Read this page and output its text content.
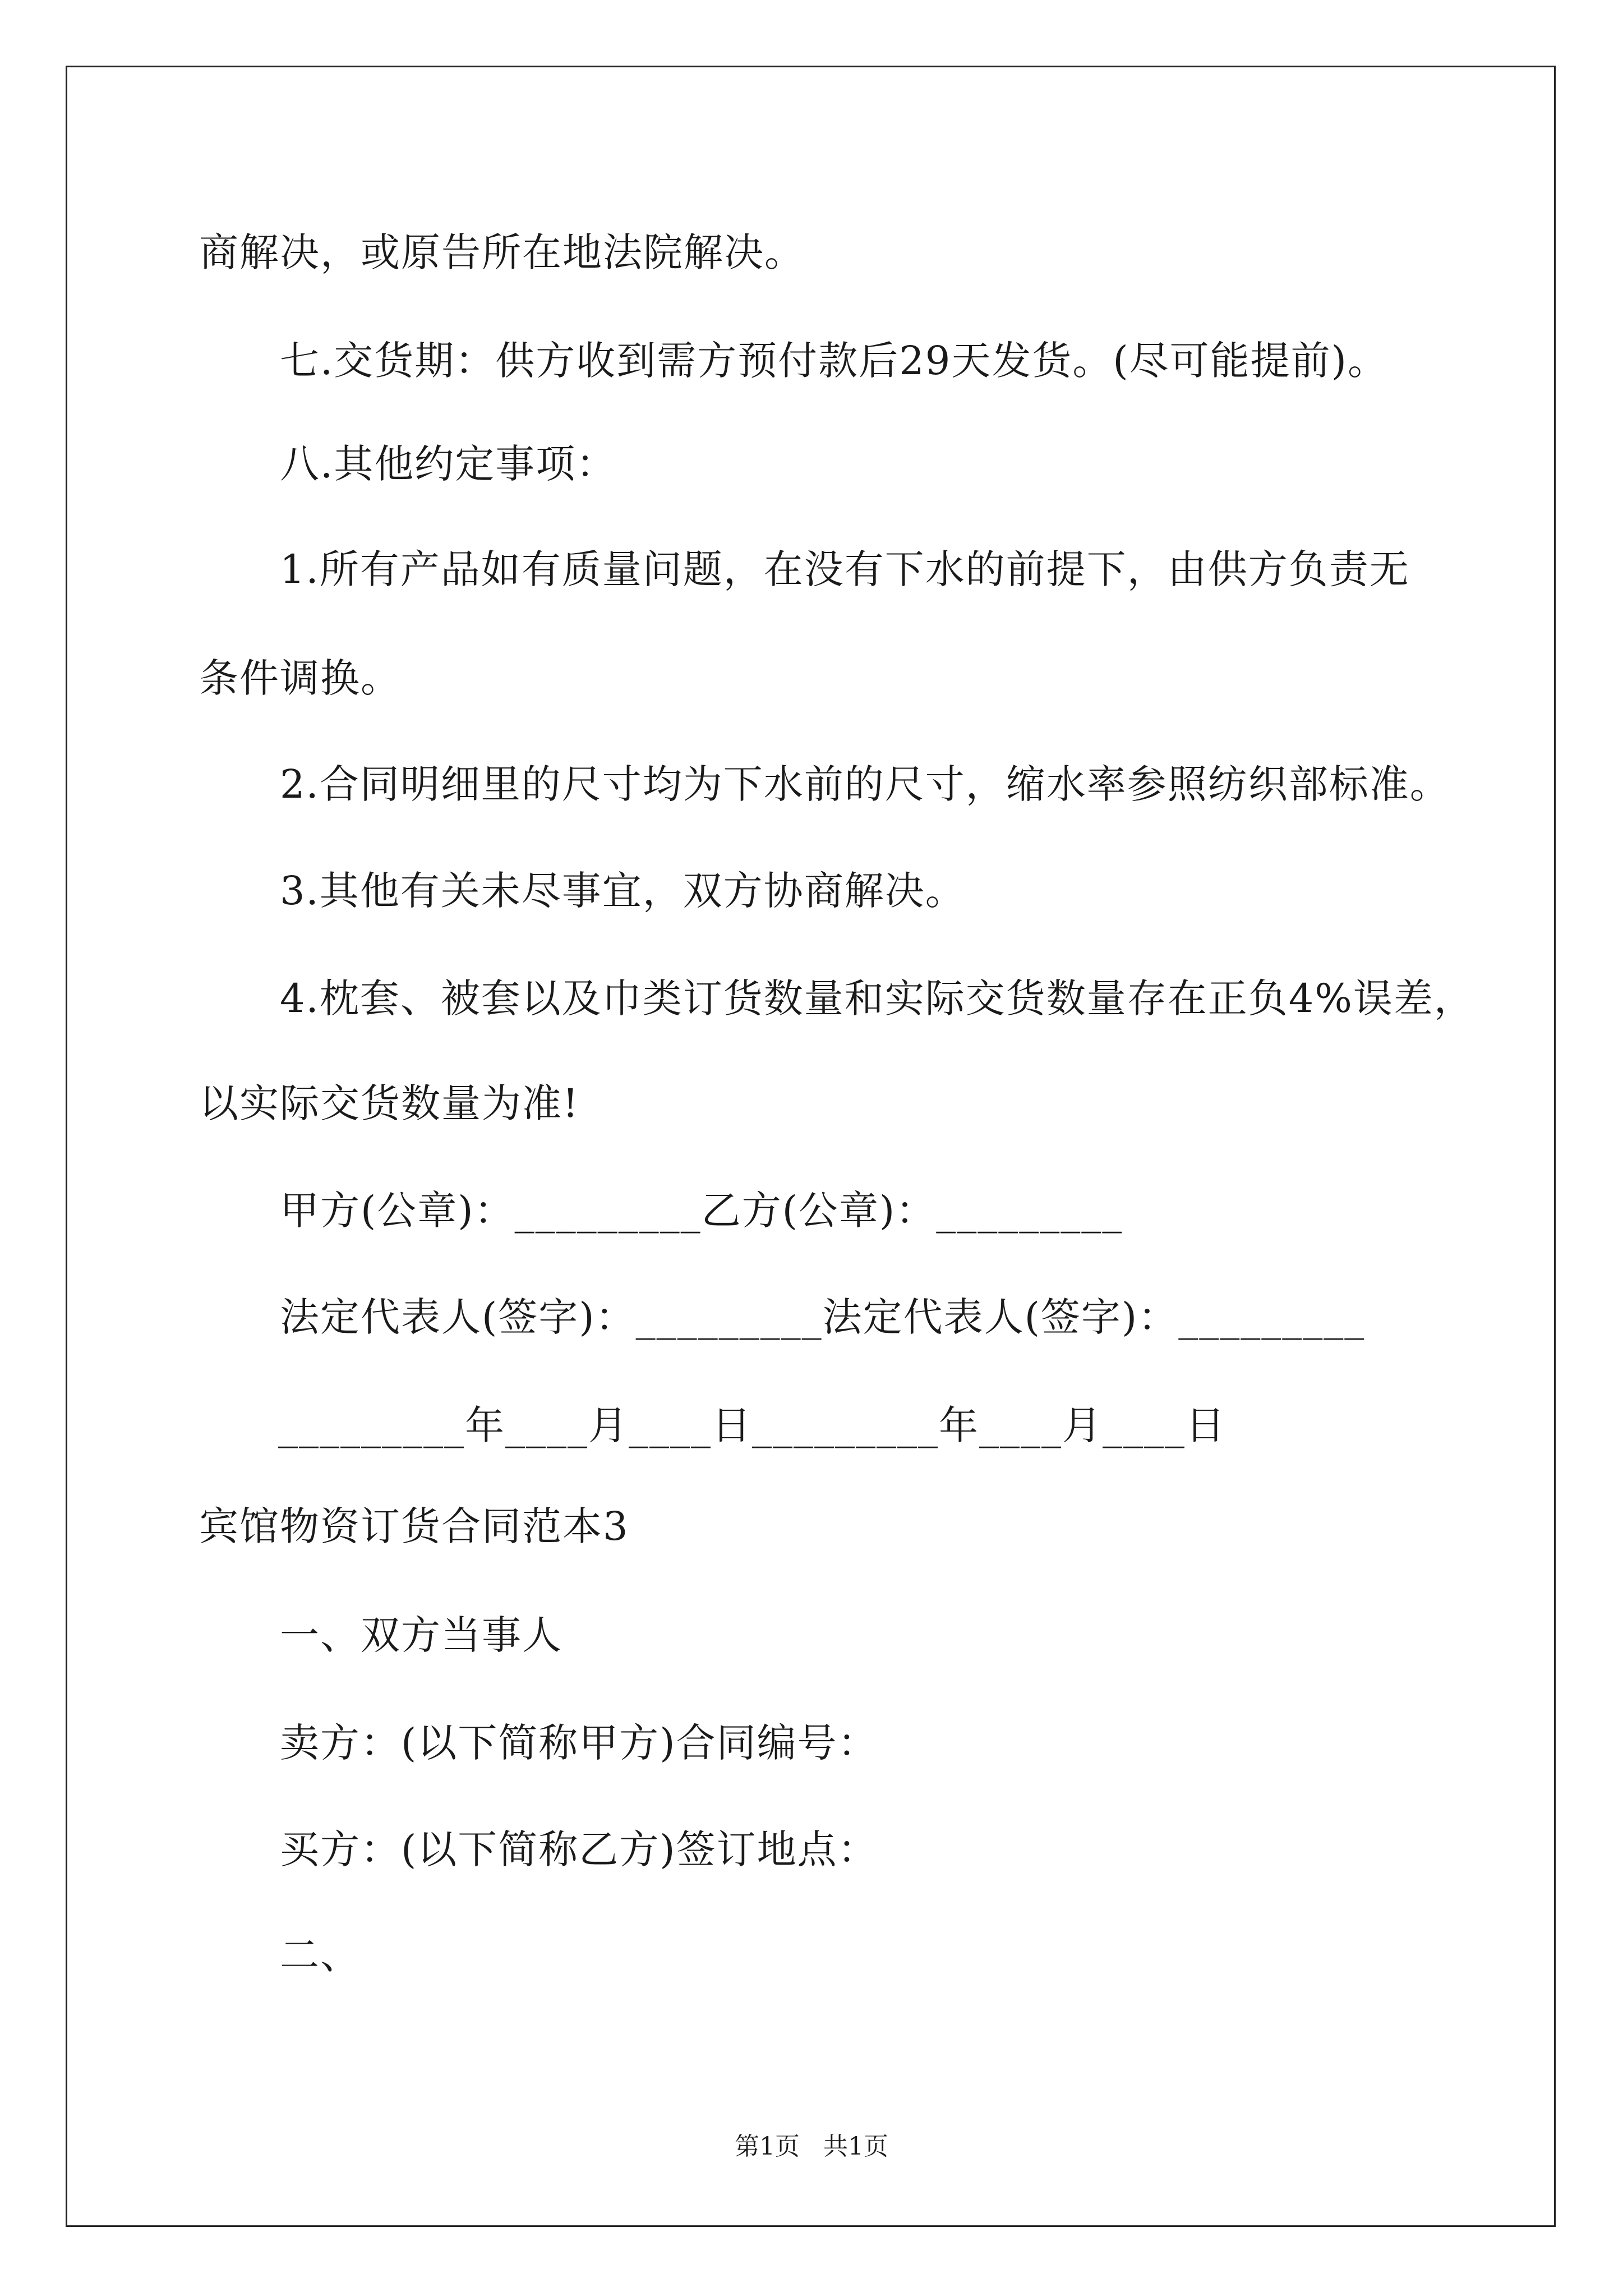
商解决，或原告所在地法院解决。
七.交货期：供方收到需方预付款后29天发货。(尽可能提前)。
八.其他约定事项：
1.所有产品如有质量问题，在没有下水的前提下，由供方负责无
条件调换。
2.合同明细里的尺寸均为下水前的尺寸，缩水率参照纺织部标准。
3.其他有关未尽事宜，双方协商解决。
4.枕套、被套以及巾类订货数量和实际交货数量存在正负4%误差，
以实际交货数量为准!
甲方(公章)：_________乙方(公章)：_________
法定代表人(签字)：_________法定代表人(签字)：_________
_________年____月____日_________年____月____日
宾馆物资订货合同范本3
一、双方当事人
卖方：(以下简称甲方)合同编号：
买方：(以下简称乙方)签订地点：
二、
第1页   共1页
